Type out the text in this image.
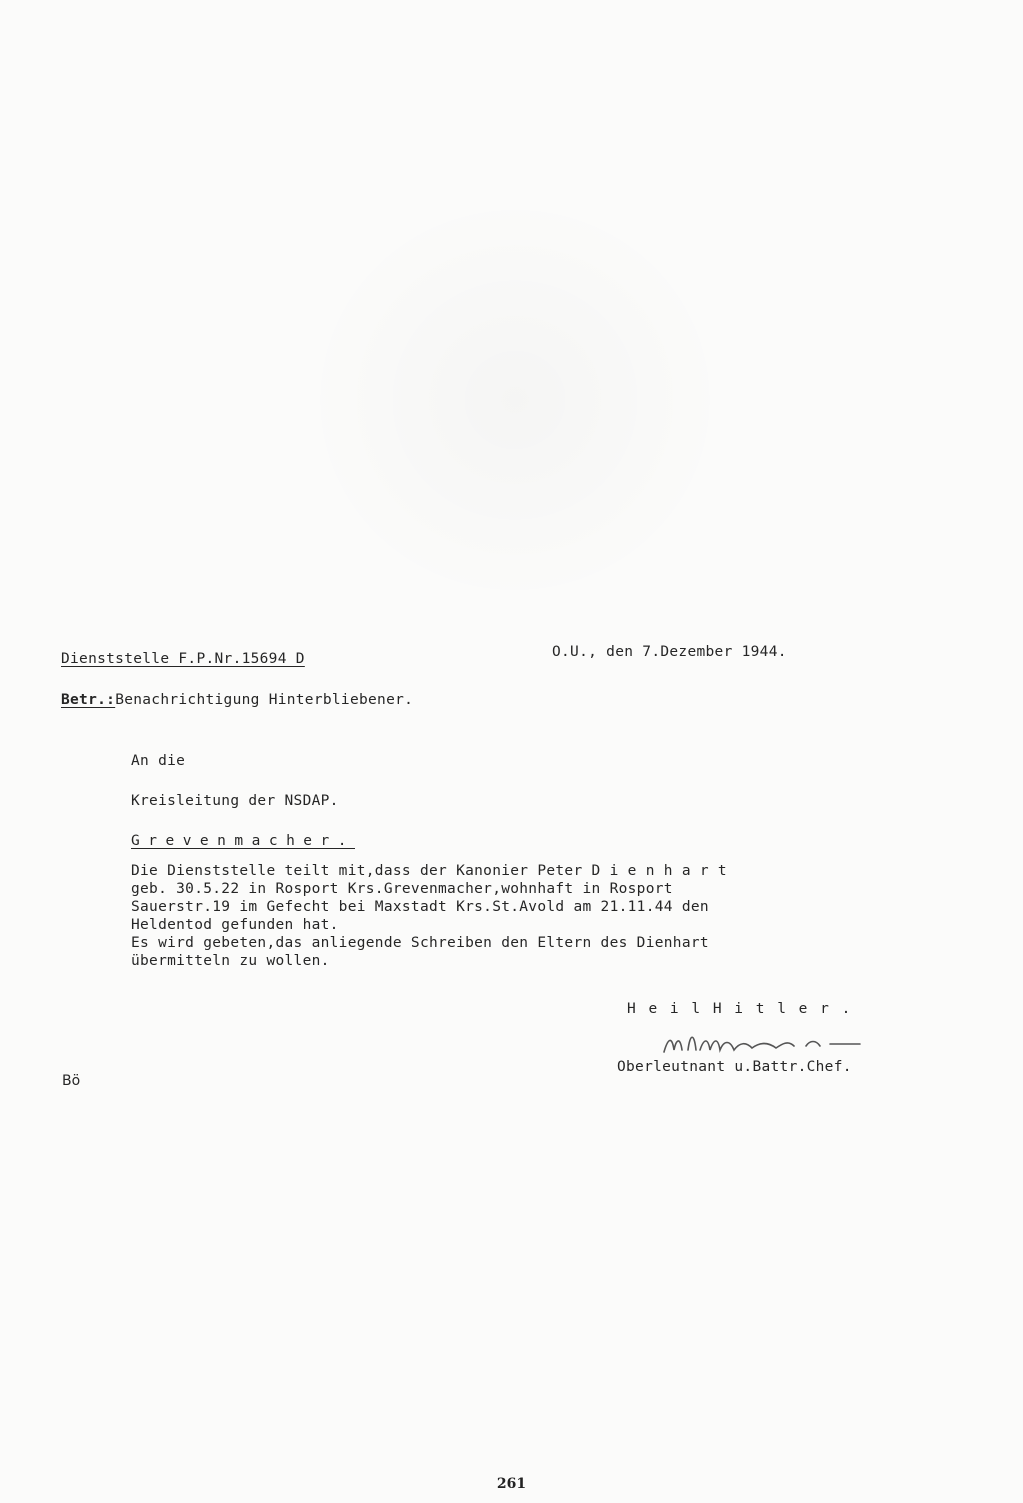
Dienststelle F.P.Nr.15694 D	O.U., den 7.Dezember 1944.
Betr.:Benachrichtigung Hinterbliebener.
An die
Kreisleitung der NSDAP.
Grevenmacher.
Die Dienststelle teilt mit,dass der Kanonier Peter D i e n h a r t
geb. 30.5.22 in Rosport Krs.Grevenmacher,wohnhaft in Rosport
Sauerstr.19 im Gefecht bei Maxstadt Krs.St.Avold am 21.11.44 den
Heldentod gefunden hat.
Es wird gebeten,das anliegende Schreiben den Eltern des Dienhart
übermitteln zu wollen.
H e i l H i t l e r .
Oberleutnant u.Battr.Chef.
Bö
261
